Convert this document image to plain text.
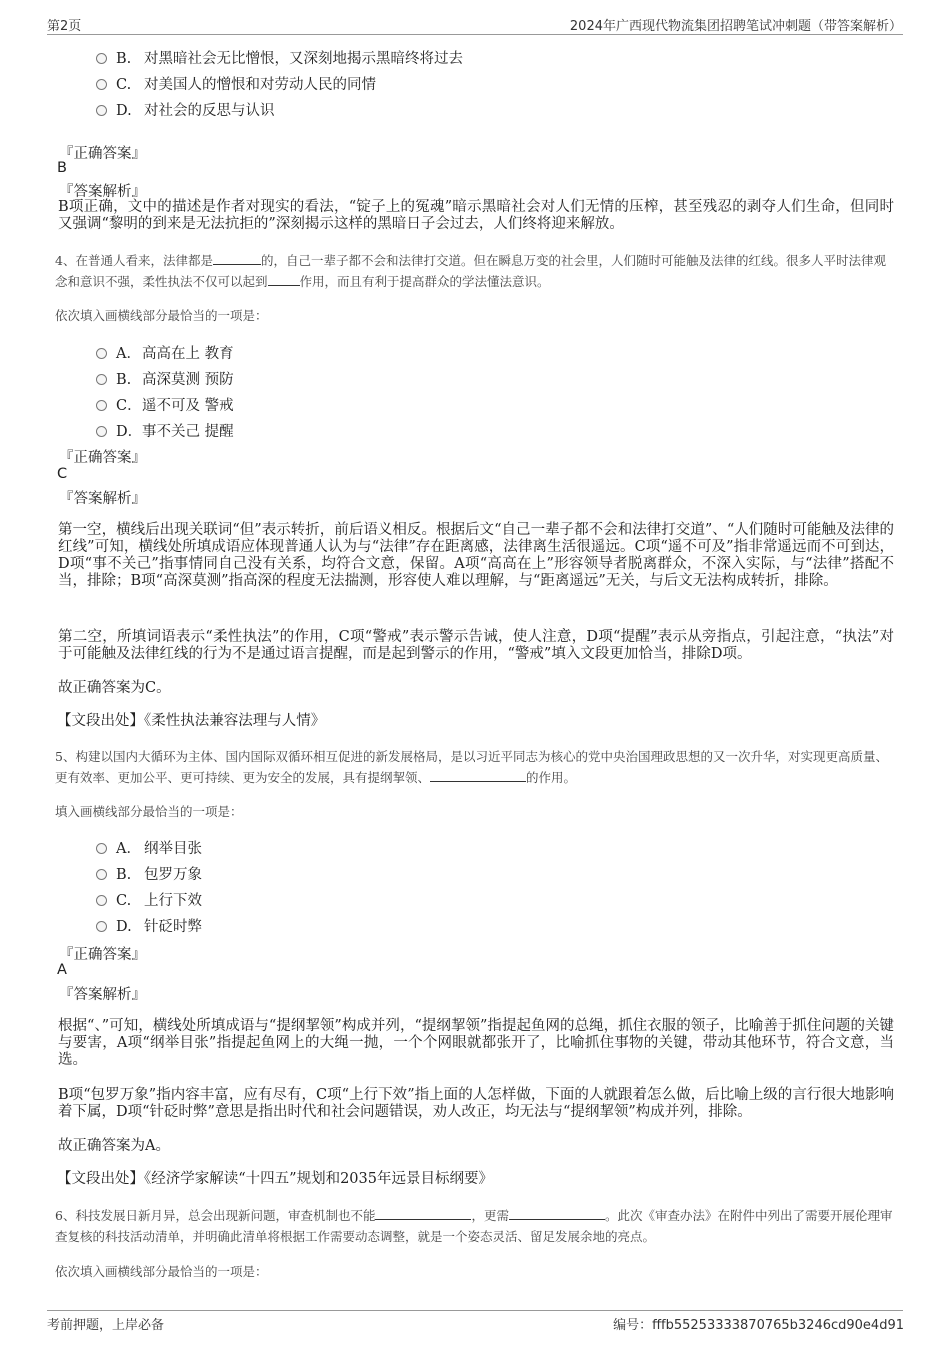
第2页	2024年广西现代物流集团招聘笔试冲刺题（带答案解析）
B. 对黑暗社会无比憎恨，又深刻地揭示黑暗终将过去
C. 对美国人的憎恨和对劳动人民的同情
D. 对社会的反思与认识
『正确答案』
B
『答案解析』
B项正确，文中的描述是作者对现实的看法，“锭子上的冤魂”暗示黑暗社会对人们无情的压榨，甚至残忍的剥夺人们生命，但同时又强调“黎明的到来是无法抗拒的”深刻揭示这样的黑暗日子会过去，人们终将迎来解放。
4、在普通人看来，法律都是	的，自己一辈子都不会和法律打交道。但在瞬息万变的社会里，人们随时可能触及法律的红线。很多人平时法律观念和意识不强，柔性执法不仅可以起到	作用，而且有利于提高群众的学法懂法意识。
依次填入画横线部分最恰当的一项是：
A．高高在上 教育
B. 高深莫测 预防
C．遥不可及 警戒
D．事不关己 提醒
『正确答案』
C
『答案解析』
第一空，横线后出现关联词“但”表示转折，前后语义相反。根据后文“自己一辈子都不会和法律打交道”、“人们随时可能触及法律的红线”可知，横线处所填成语应体现普通人认为与“法律”存在距离感，法律离生活很遥远。C项“遥不可及”指非常遥远而不可到达，D项“事不关己”指事情同自己没有关系，均符合文意，保留。A项“高高在上”形容领导者脱离群众，不深入实际，与“法律”搭配不当，排除；B项“高深莫测”指高深的程度无法揣测，形容使人难以理解，与“距离遥远”无关，与后文无法构成转折，排除。
第二空，所填词语表示“柔性执法”的作用，C项“警戒”表示警示告诫，使人注意，D项“提醒”表示从旁指点，引起注意，“执法”对于可能触及法律红线的行为不是通过语言提醒，而是起到警示的作用，“警戒”填入文段更加恰当，排除D项。
故正确答案为C。
【文段出处】《柔性执法兼容法理与人情》
5、构建以国内大循环为主体、国内国际双循环相互促进的新发展格局，是以习近平同志为核心的党中央治国理政思想的又一次升华，对实现更高质量、更有效率、更加公平、更可持续、更为安全的发展，具有提纲挈领、	的作用。
填入画横线部分最恰当的一项是：
A． 纲举目张
B. 包罗万象
C. 上行下效
D. 针砭时弊
『正确答案』
A
『答案解析』
根据“、”可知，横线处所填成语与“提纲挈领”构成并列，“提纲挈领”指提起鱼网的总绳，抓住衣服的领子，比喻善于抓住问题的关键与要害，A项“纲举目张”指提起鱼网上的大绳一抛，一个个网眼就都张开了，比喻抓住事物的关键，带动其他环节，符合文意，当选。
B项“包罗万象”指内容丰富，应有尽有，C项“上行下效”指上面的人怎样做，下面的人就跟着怎么做，后比喻上级的言行很大地影响着下属，D项“针砭时弊”意思是指出时代和社会问题错误，劝人改正，均无法与“提纲挈领”构成并列，排除。
故正确答案为A。
【文段出处】《经济学家解读“十四五”规划和2035年远景目标纲要》
6、科技发展日新月异，总会出现新问题，审查机制也不能	，更需	。此次《审查办法》在附件中列出了需要开展伦理审查复核的科技活动清单，并明确此清单将根据工作需要动态调整，就是一个姿态灵活、留足发展余地的亮点。
依次填入画横线部分最恰当的一项是：
考前押题，上岸必备	编号：fffb55253333870765b3246cd90e4d91
